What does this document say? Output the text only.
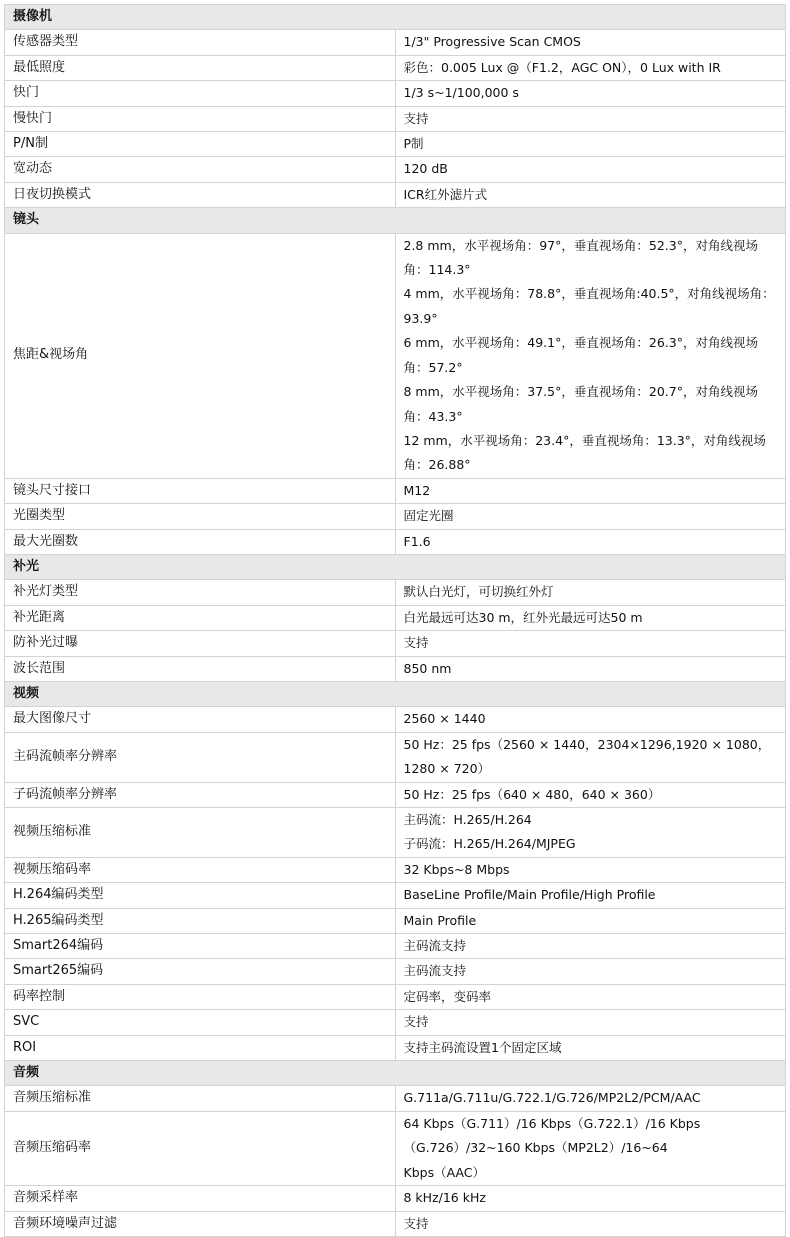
摄像机	
传感器类型	1/3" Progressive Scan CMOS

最低照度	彩色：0.005 Lux @（F1.2，AGC ON），0 Lux with IR

快门	1/3 s~1/100,000 s

慢快门	支持

P/N制	P制

宽动态	120 dB

日夜切换模式	ICR红外滤片式

镜头	
焦距&视场角	2.8 mm，水平视场角：97°，垂直视场角：52.3°，对角线视场角：114.3°
4 mm，水平视场角：78.8°，垂直视场角:40.5°，对角线视场角：93.9°
6 mm，水平视场角：49.1°，垂直视场角：26.3°，对角线视场角：57.2°
8 mm，水平视场角：37.5°，垂直视场角：20.7°，对角线视场角：43.3°
12 mm，水平视场角：23.4°，垂直视场角：13.3°，对角线视场角：26.88°

镜头尺寸接口	M12

光圈类型	固定光圈

最大光圈数	F1.6

补光	
补光灯类型	默认白光灯，可切换红外灯

补光距离	白光最远可达30 m，红外光最远可达50 m

防补光过曝	支持

波长范围	850 nm

视频	
最大图像尺寸	2560 × 1440

主码流帧率分辨率	50 Hz：25 fps（2560 × 1440，2304×1296,1920 × 1080，1280 × 720）

子码流帧率分辨率	50 Hz：25 fps（640 × 480，640 × 360）

视频压缩标准	主码流：H.265/H.264
子码流：H.265/H.264/MJPEG

视频压缩码率	32 Kbps~8 Mbps

H.264编码类型	BaseLine Profile/Main Profile/High Profile

H.265编码类型	Main Profile

Smart264编码	主码流支持

Smart265编码	主码流支持

码率控制	定码率，变码率

SVC	支持

ROI	支持主码流设置1个固定区域

音频	
音频压缩标准	G.711a/G.711u/G.722.1/G.726/MP2L2/PCM/AAC

音频压缩码率	64 Kbps（G.711）/16 Kbps（G.722.1）/16 Kbps（G.726）/32~160 Kbps（MP2L2）/16~64
Kbps（AAC）

音频采样率	8 kHz/16 kHz

音频环境噪声过滤	支持
